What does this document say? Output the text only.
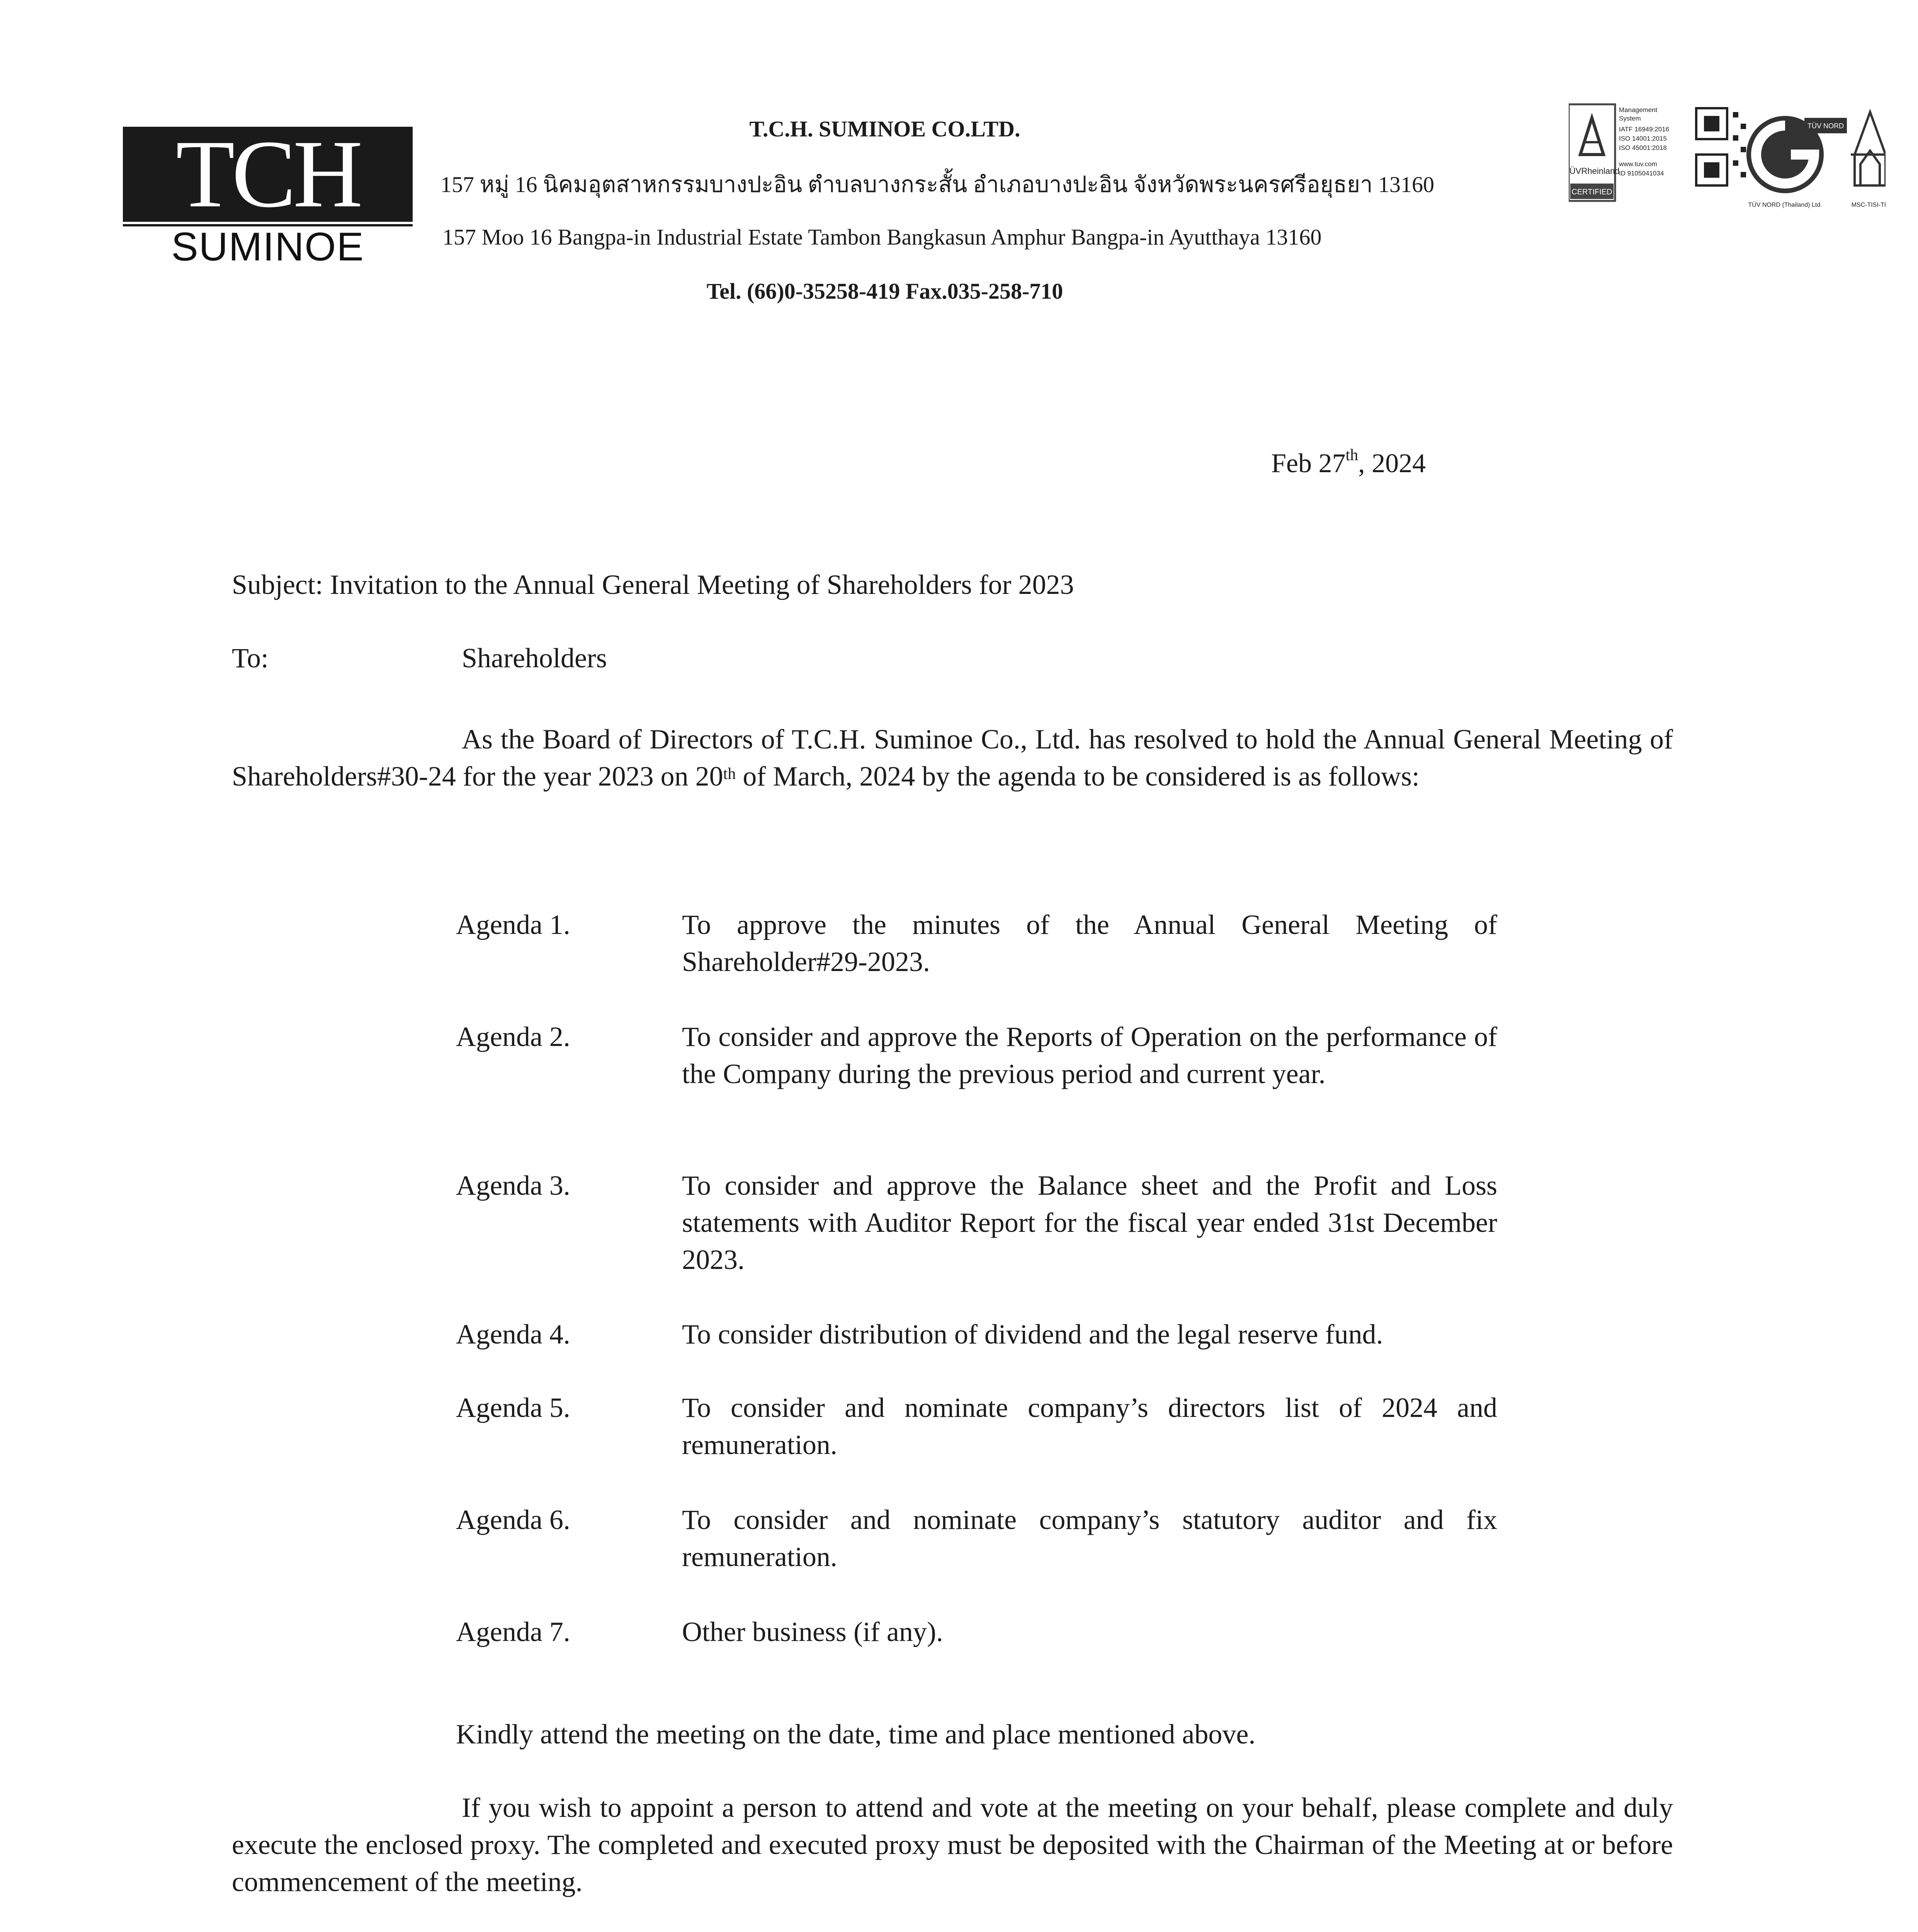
TCH
SUMINOE
T.C.H. SUMINOE CO.LTD.
157 หมู่ 16 นิคมอุตสาหกรรมบางปะอิน ตำบลบางกระสั้น อำเภอบางปะอิน จังหวัดพระนครศรีอยุธยา 13160
157 Moo 16 Bangpa-in Industrial Estate Tambon Bangkasun Amphur Bangpa-in Ayutthaya 13160
Tel. (66)0-35258-419 Fax.035-258-710
TÜVRheinland
CERTIFIED
Management
System
IATF 16949:2016
ISO 14001:2015
ISO 45001:2018
www.tuv.com
ID 9105041034
TÜV NORD
TÜV NORD (Thailand) Ltd.	MSC-TISI-TH
Feb 27th, 2024
Subject: Invitation to the Annual General Meeting of Shareholders for 2023
To:	Shareholders
As the Board of Directors of T.C.H. Suminoe Co., Ltd. has resolved to hold the Annual General Meeting of Shareholders#30-24 for the year 2023 on 20th of March, 2024 by the agenda to be considered is as follows:
Agenda 1.	To approve the minutes of the Annual General Meeting of Shareholder#29-2023.
Agenda 2.	To consider and approve the Reports of Operation on the performance of the Company during the previous period and current year.
Agenda 3.	To consider and approve the Balance sheet and the Profit and Loss statements with Auditor Report for the fiscal year ended 31st December 2023.
Agenda 4.	To consider distribution of dividend and the legal reserve fund.
Agenda 5.	To consider and nominate company’s directors list of 2024 and remuneration.
Agenda 6.	To consider and nominate company’s statutory auditor and fix remuneration.
Agenda 7.	Other business (if any).
Kindly attend the meeting on the date, time and place mentioned above.
If you wish to appoint a person to attend and vote at the meeting on your behalf, please complete and duly execute the enclosed proxy. The completed and executed proxy must be deposited with the Chairman of the Meeting at or before commencement of the meeting.
